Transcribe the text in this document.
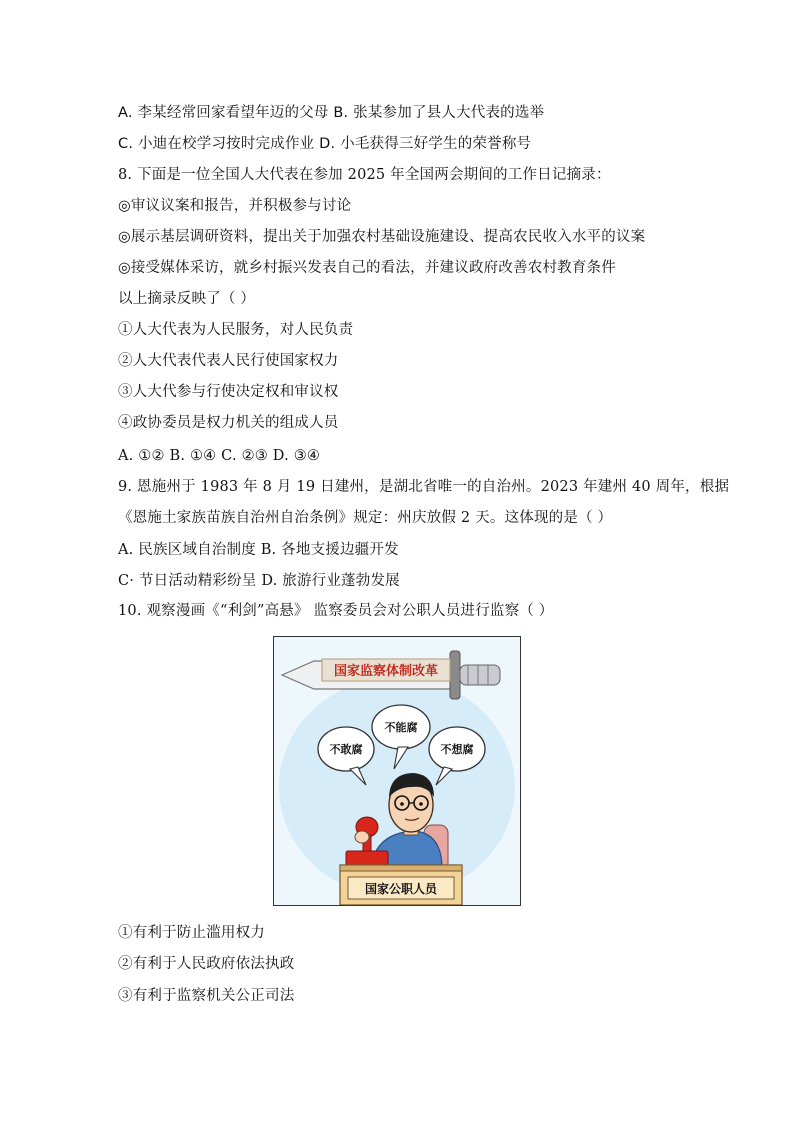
A. 李某经常回家看望年迈的父母 B. 张某参加了县人大代表的选举
C. 小迪在校学习按时完成作业 D. 小毛获得三好学生的荣誉称号
8. 下面是一位全国人大代表在参加 2025 年全国两会期间的工作日记摘录：
◎审议议案和报告，并积极参与讨论
◎展示基层调研资料，提出关于加强农村基础设施建设、提高农民收入水平的议案
◎接受媒体采访，就乡村振兴发表自己的看法，并建议政府改善农村教育条件
以上摘录反映了（ ）
①人大代表为人民服务，对人民负责
②人大代表代表人民行使国家权力
③人大代参与行使决定权和审议权
④政协委员是权力机关的组成人员
A. ①② B. ①④ C. ②③ D. ③④
9. 恩施州于 1983 年 8 月 19 日建州，是湖北省唯一的自治州。2023 年建州 40 周年，根据
《恩施土家族苗族自治州自治条例》规定：州庆放假 2 天。这体现的是（ ）
A. 民族区域自治制度 B. 各地支援边疆开发
C· 节日活动精彩纷呈 D. 旅游行业蓬勃发展
10. 观察漫画《“利剑”高悬》 监察委员会对公职人员进行监察（ ）
①有利于防止滥用权力
②有利于人民政府依法执政
③有利于监察机关公正司法
国家监察体制改革
不敢腐
不能腐
不想腐
国家公职人员
